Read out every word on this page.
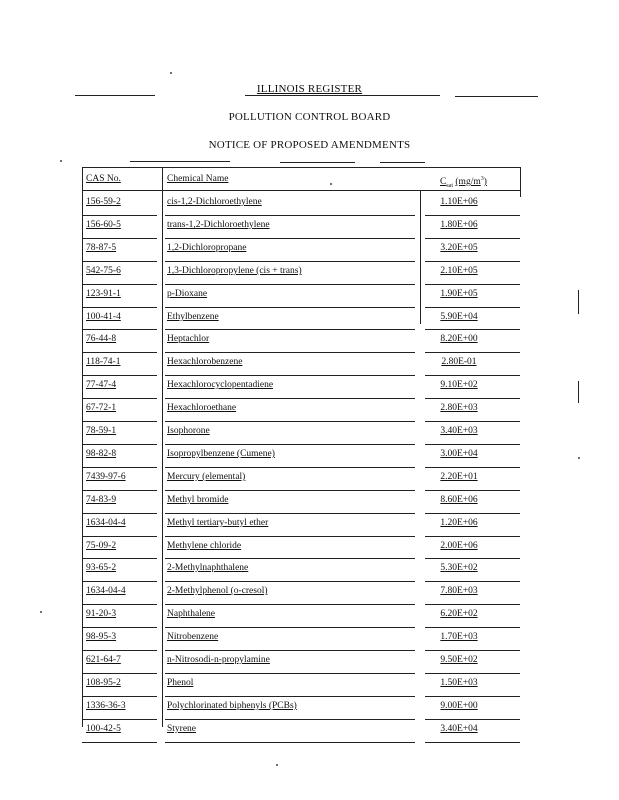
ILLINOIS REGISTER
POLLUTION CONTROL BOARD
NOTICE OF PROPOSED AMENDMENTS
CAS No.	Chemical Name	$C_{sat}$ $(mg/m^3)$
156-59-2	cis-1,2-Dichloroethylene	1.10E+06
156-60-5	trans-1,2-Dichloroethylene	1.80E+06
78-87-5	1,2-Dichloropropane	3.20E+05
542-75-6	1,3-Dichloropropylene (cis + trans)	2.10E+05
123-91-1	p-Dioxane	1.90E+05
100-41-4	Ethylbenzene	5.90E+04
76-44-8	Heptachlor	8.20E+00
118-74-1	Hexachlorobenzene	2.80E-01
77-47-4	Hexachlorocyclopentadiene	9.10E+02
67-72-1	Hexachloroethane	2.80E+03
78-59-1	Isophorone	3.40E+03
98-82-8	Isopropylbenzene (Cumene)	3.00E+04
7439-97-6	Mercury (elemental)	2.20E+01
74-83-9	Methyl bromide	8.60E+06
1634-04-4	Methyl tertiary-butyl ether	1.20E+06
75-09-2	Methylene chloride	2.00E+06
93-65-2	2-Methylnaphthalene	5.30E+02
1634-04-4	2-Methylphenol (o-cresol)	7.80E+03
91-20-3	Naphthalene	6.20E+02
98-95-3	Nitrobenzene	1.70E+03
621-64-7	n-Nitrosodi-n-propylamine	9.50E+02
108-95-2	Phenol	1.50E+03
1336-36-3	Polychlorinated biphenyls (PCBs)	9.00E+00
100-42-5	Styrene	3.40E+04
